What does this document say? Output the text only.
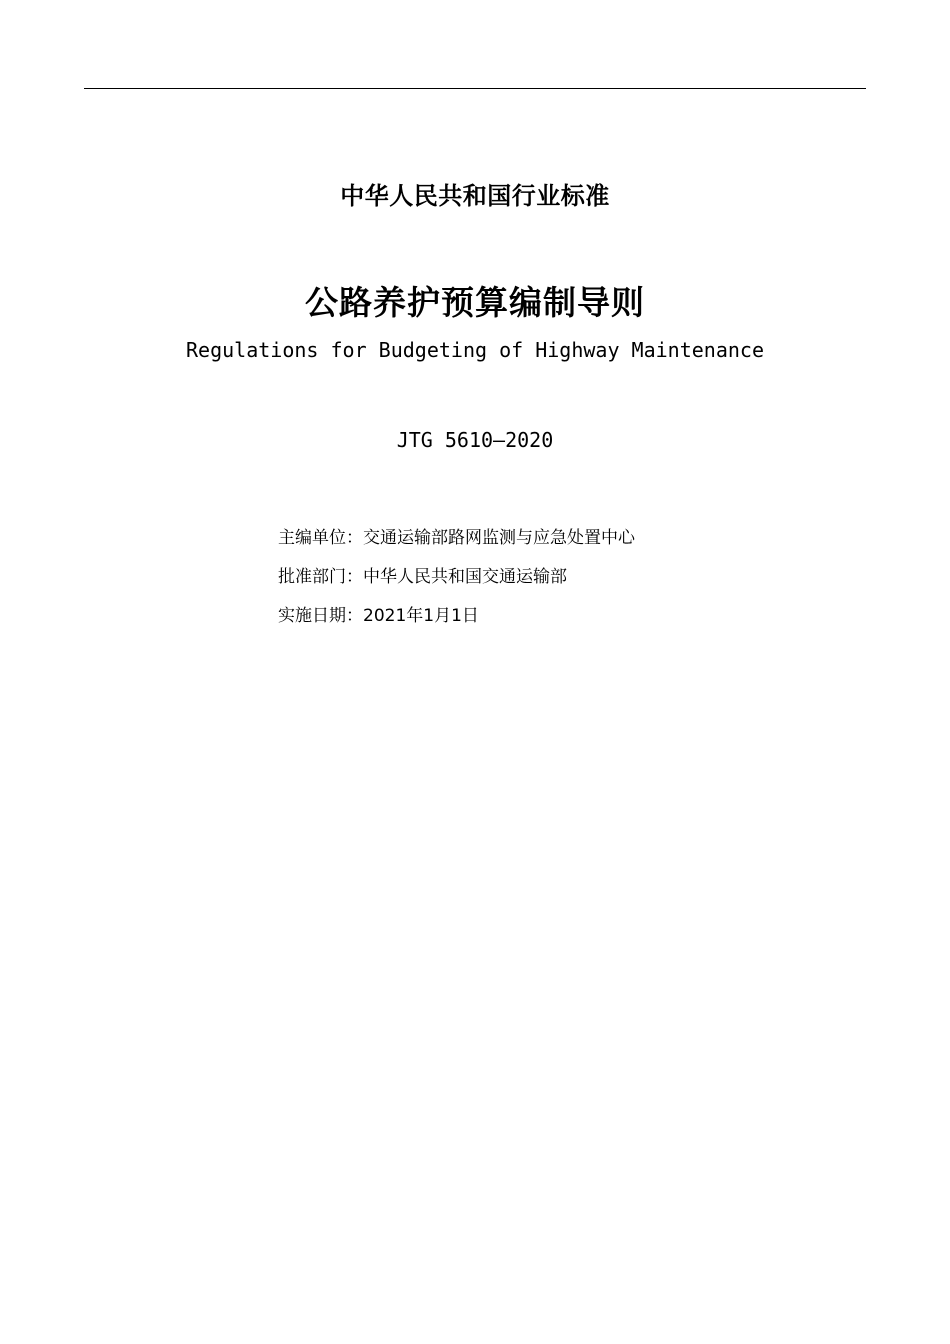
中华人民共和国行业标准
公路养护预算编制导则
Regulations for Budgeting of Highway Maintenance
JTG 5610—2020
主编单位：交通运输部路网监测与应急处置中心
批准部门：中华人民共和国交通运输部
实施日期：2021年1月1日
